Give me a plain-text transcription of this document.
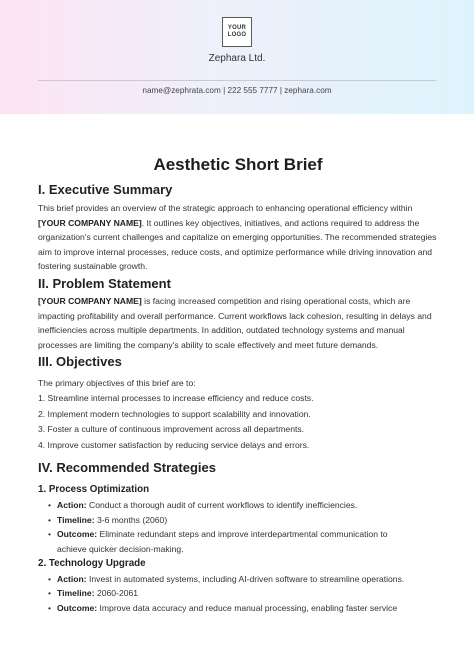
YOUR
LOGO
Zephara Ltd.
name@zephrata.com | 222 555 7777 | zephara.com
Aesthetic Short Brief
I. Executive Summary

This brief provides an overview of the strategic approach to enhancing operational efficiency within [YOUR COMPANY NAME]. It outlines key objectives, initiatives, and actions required to address the organization's current challenges and capitalize on emerging opportunities. The recommended strategies aim to improve internal processes, reduce costs, and optimize performance while driving innovation and fostering sustainable growth.

II. Problem Statement

[YOUR COMPANY NAME] is facing increased competition and rising operational costs, which are impacting profitability and overall performance. Current workflows lack cohesion, resulting in delays and inefficiencies across multiple departments. In addition, outdated technology systems and manual processes are limiting the company's ability to scale effectively and meet future demands.

III. Objectives

The primary objectives of this brief are to:

1. Streamline internal processes to increase efficiency and reduce costs.
2. Implement modern technologies to support scalability and innovation.
3. Foster a culture of continuous improvement across all departments.
4. Improve customer satisfaction by reducing service delays and errors.
IV. Recommended Strategies
1. Process Optimization
• Action: Conduct a thorough audit of current workflows to identify inefficiencies.
• Timeline: 3-6 months (2060)
• Outcome: Eliminate redundant steps and improve interdepartmental communication to
achieve quicker decision-making.
2. Technology Upgrade
• Action: Invest in automated systems, including AI-driven software to streamline operations.
• Timeline: 2060-2061
• Outcome: Improve data accuracy and reduce manual processing, enabling faster service
